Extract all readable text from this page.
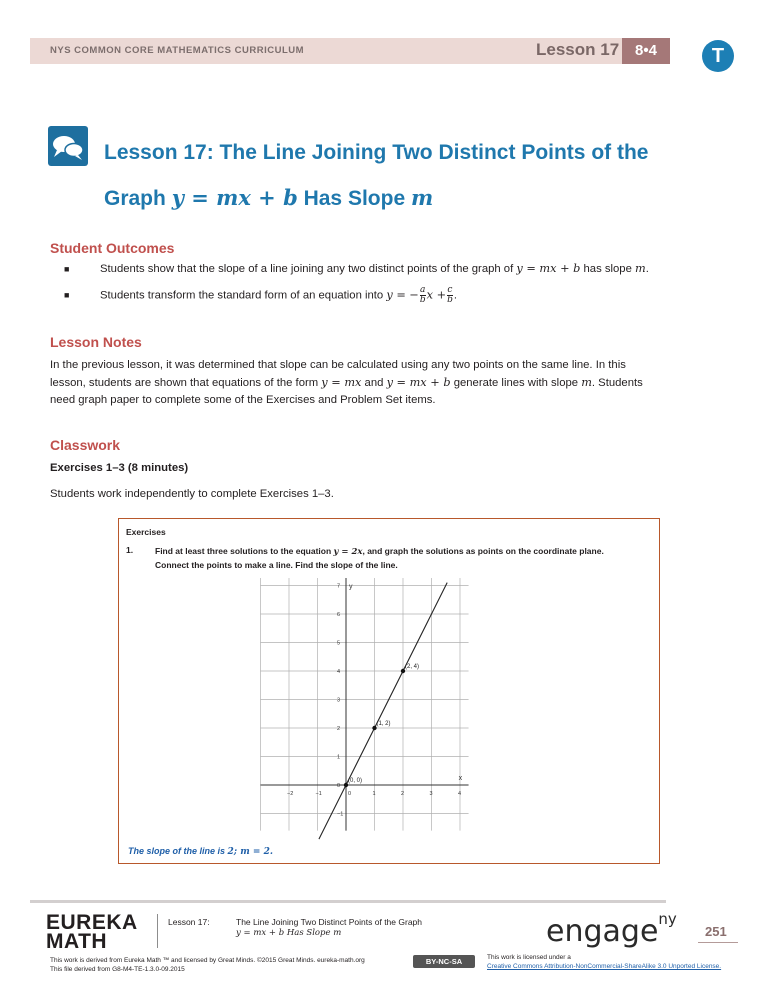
NYS COMMON CORE MATHEMATICS CURRICULUM	Lesson 17	8•4	T
Lesson 17: The Line Joining Two Distinct Points of the
Graph y = mx + b Has Slope m
Student Outcomes
■	Students show that the slope of a line joining any two distinct points of the graph of y = mx + b has slope m.
■	Students transform the standard form of an equation into y = − $\frac{a}{b}$ $x + \frac{c}{b}$ .
Lesson Notes
In the previous lesson, it was determined that slope can be calculated using any two points on the same line. In this
lesson, students are shown that equations of the form y = mx and y = mx + b generate lines with slope m. Students
need graph paper to complete some of the Exercises and Problem Set items.
Classwork
Exercises 1–3 (8 minutes)
Students work independently to complete Exercises 1–3.
Exercises
1.	Find at least three solutions to the equation y = 2x, and graph the solutions as points on the coordinate plane.
Connect the points to make a line. Find the slope of the line.
x
y
−2	−1	0	1	2	3	4
7
6
5
4
3
2
1
0
−1
(0, 0)
(1, 2)
(2, 4)
The slope of the line is 2; m = 2.
EUREKA
MATH
Lesson 17:	The Line Joining Two Distinct Points of the Graph
y = mx + b Has Slope m
This work is derived from Eureka Math ™ and licensed by Great Minds. ©2015 Great Minds. eureka-math.org
This file derived from G8-M4-TE-1.3.0-09.2015
engage$^{ny}$
251
BY-NC-SA	This work is licensed under a
Creative Commons Attribution-NonCommercial-ShareAlike 3.0 Unported License.
